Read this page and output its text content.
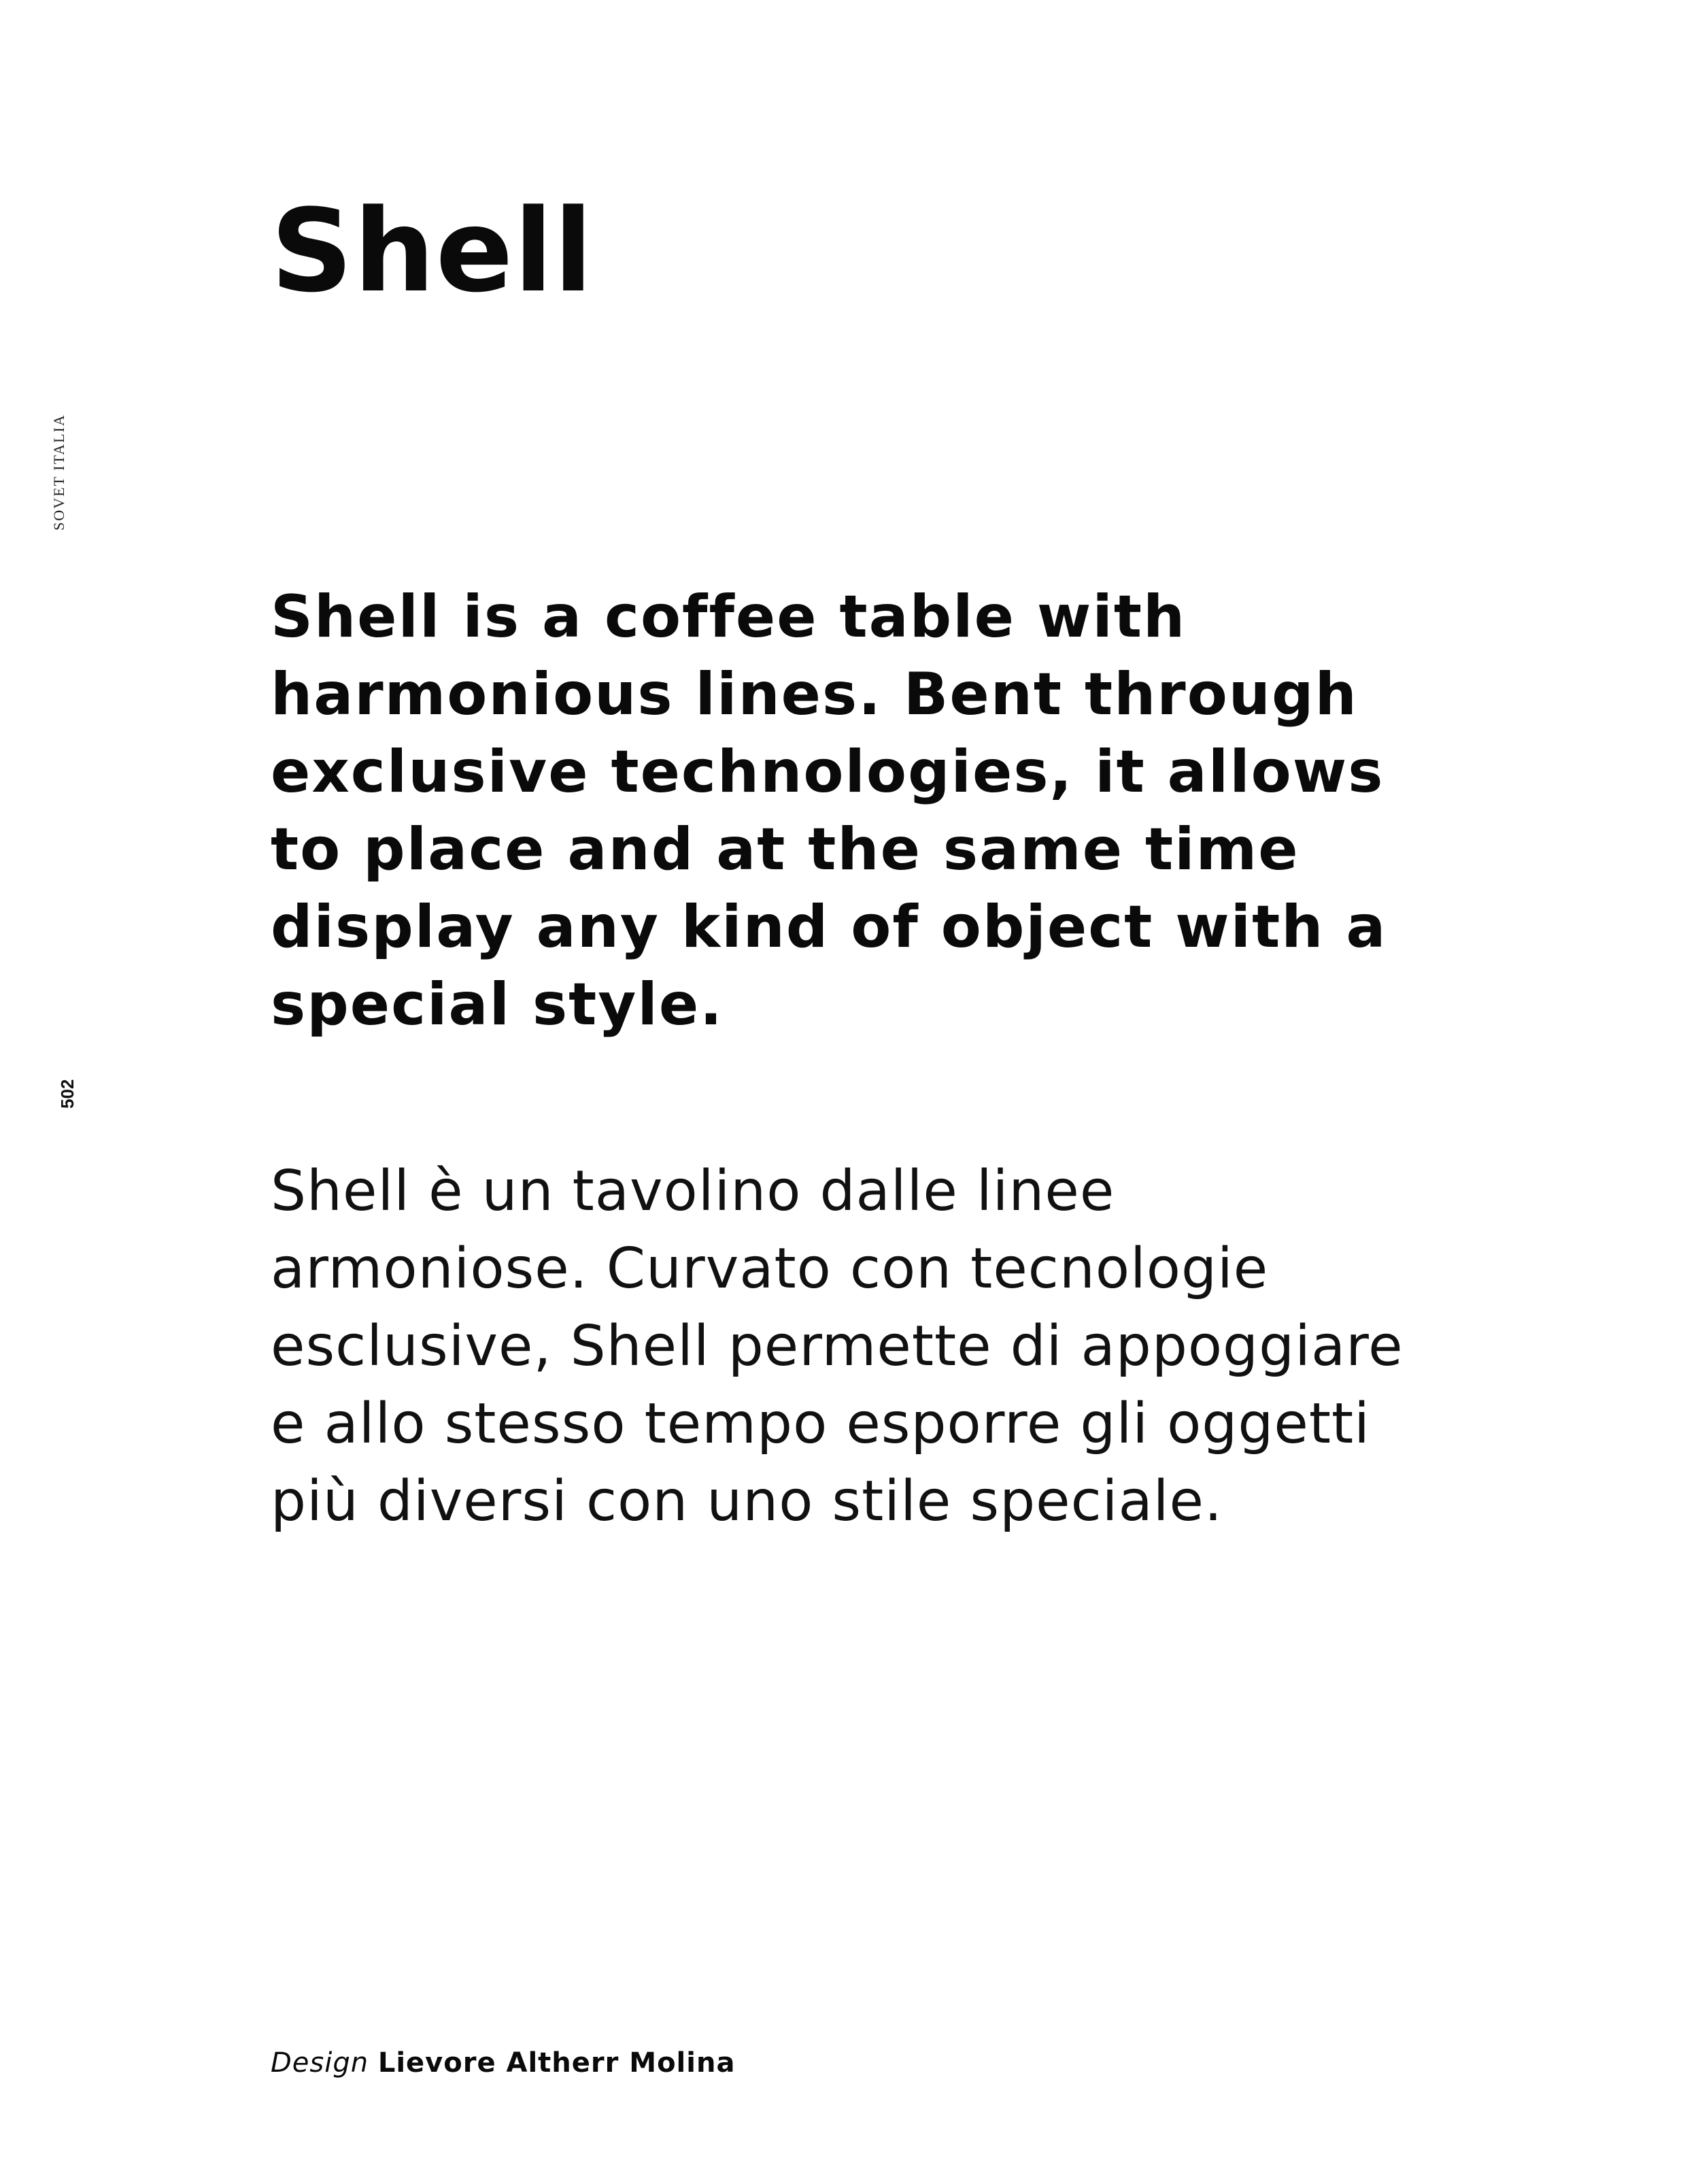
SOVET ITALIA
502
Shell

Shell is a coffee table with
harmonious lines. Bent through
exclusive technologies, it allows
to place and at the same time
display any kind of object with a
special style.

Shell è un tavolino dalle linee
armoniose. Curvato con tecnologie
esclusive, Shell permette di appoggiare
e allo stesso tempo esporre gli oggetti
più diversi con uno stile speciale.

Design Lievore Altherr Molina
